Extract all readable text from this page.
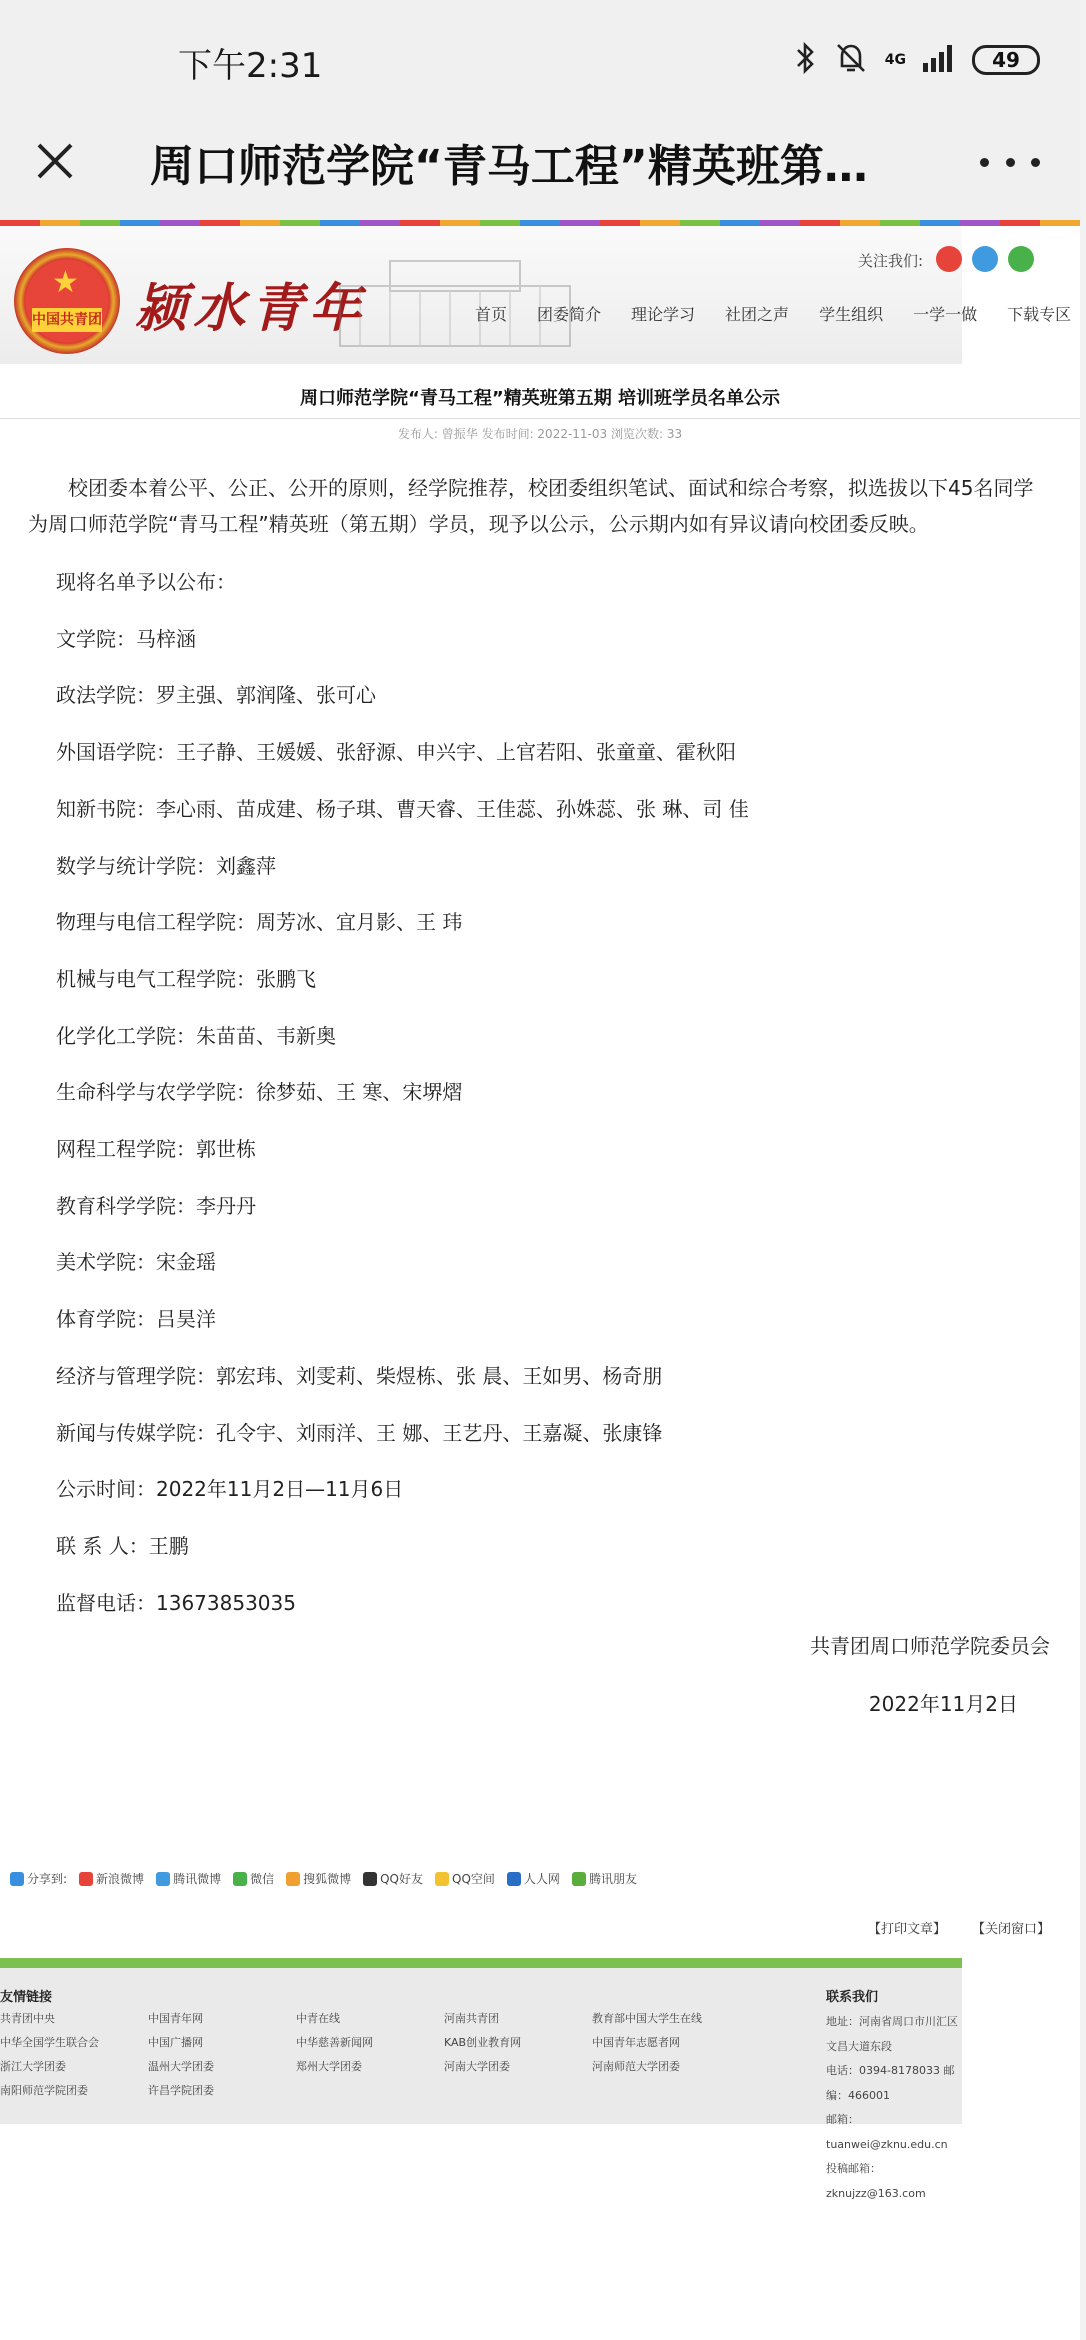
下午2:31	4G	49
周口师范学院“青马工程”精英班第…
★
中国共青团 颍水青年
关注我们:
首页	团委简介	理论学习	社团之声	学生组织	一学一做	下载专区
周口师范学院“青马工程”精英班第五期 培训班学员名单公示
发布人: 曾振华 发布时间: 2022-11-03 浏览次数: 33

校团委本着公平、公正、公开的原则，经学院推荐，校团委组织笔试、面试和综合考察，拟选拔以下45名同学为周口师范学院“青马工程”精英班（第五期）学员，现予以公示，公示期内如有异议请向校团委反映。

现将名单予以公布：

文学院：马梓涵

政法学院：罗主强、郭润隆、张可心

外国语学院：王子静、王媛媛、张舒源、申兴宇、上官若阳、张童童、霍秋阳

知新书院：李心雨、苗成建、杨子琪、曹天睿、王佳蕊、孙姝蕊、张 琳、司 佳

数学与统计学院：刘鑫萍

物理与电信工程学院：周芳冰、宜月影、王 玮

机械与电气工程学院：张鹏飞

化学化工学院：朱苗苗、韦新奥

生命科学与农学学院：徐梦茹、王 寒、宋堺熠

网程工程学院：郭世栋

教育科学学院：李丹丹

美术学院：宋金瑶

体育学院：吕昊洋

经济与管理学院：郭宏玮、刘雯莉、柴煜栋、张 晨、王如男、杨奇朋

新闻与传媒学院：孔令宇、刘雨洋、王 娜、王艺丹、王嘉凝、张康锋

公示时间：2022年11月2日—11月6日

联 系 人：王鹏

监督电话：13673853035

共青团周口师范学院委员会
2022年11月2日
分享到: 新浪微博 腾讯微博 微信 搜狐微博 QQ好友 QQ空间 人人网 腾讯朋友
【打印文章】 【关闭窗口】
友情链接
共青团中央	中国青年网	中青在线	河南共青团	教育部中国大学生在线
中华全国学生联合会	中国广播网	中华慈善新闻网	KAB创业教育网	中国青年志愿者网
浙江大学团委	温州大学团委	郑州大学团委	河南大学团委	河南师范大学团委
南阳师范学院团委	许昌学院团委
联系我们
地址：河南省周口市川汇区文昌大道东段
电话：0394-8178033 邮编：466001
邮箱：tuanwei@zknu.edu.cn
投稿邮箱：zknujzz@163.com
